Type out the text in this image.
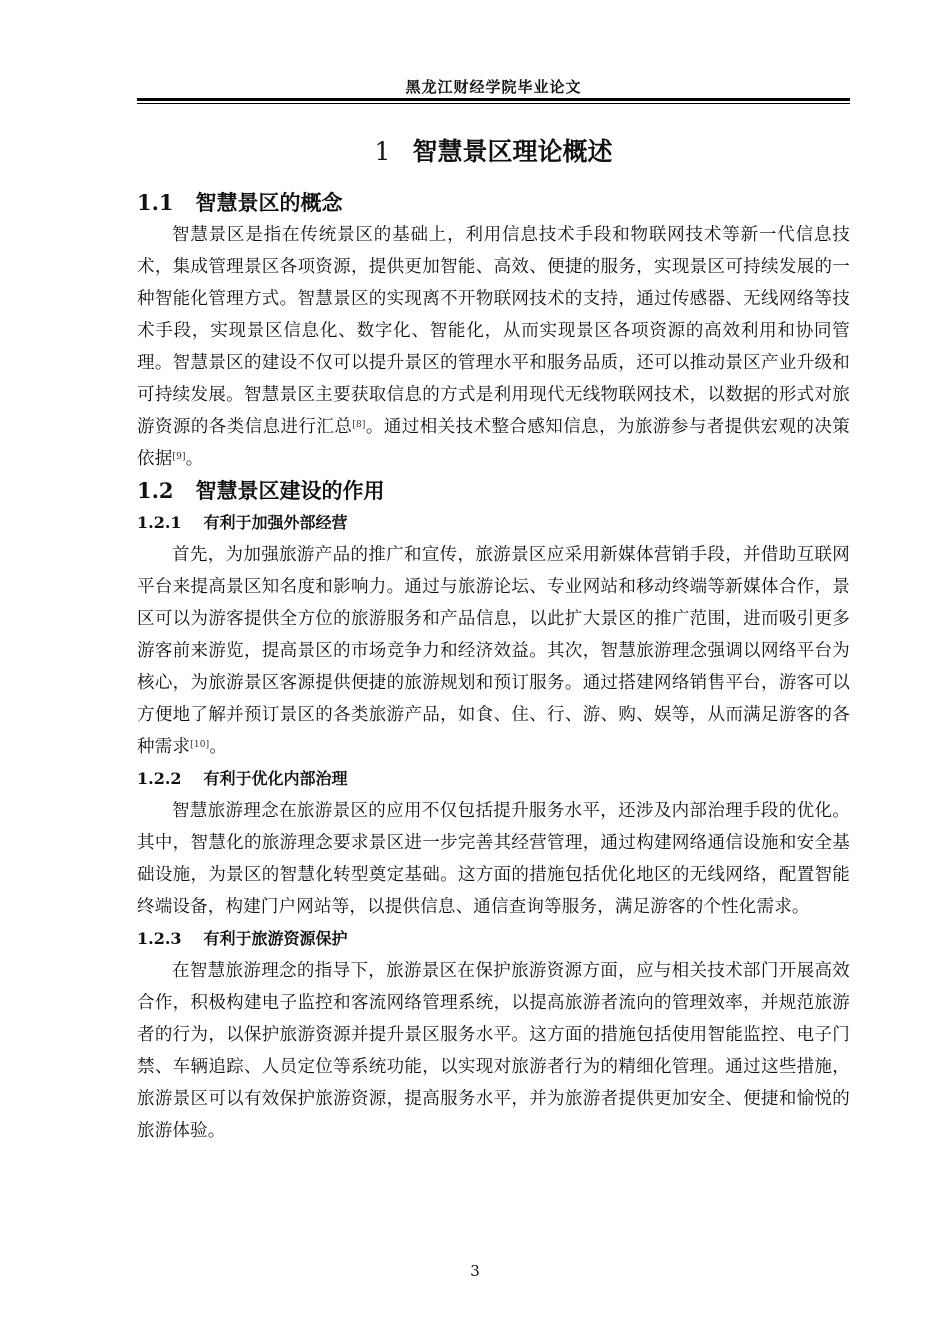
黑龙江财经学院毕业论文
1 智慧景区理论概述
1.1 智慧景区的概念

智慧景区是指在传统景区的基础上，利用信息技术手段和物联网技术等新一代信息技术，集成管理景区各项资源，提供更加智能、高效、便捷的服务，实现景区可持续发展的一种智能化管理方式。智慧景区的实现离不开物联网技术的支持，通过传感器、无线网络等技术手段，实现景区信息化、数字化、智能化，从而实现景区各项资源的高效利用和协同管理。智慧景区的建设不仅可以提升景区的管理水平和服务品质，还可以推动景区产业升级和可持续发展。智慧景区主要获取信息的方式是利用现代无线物联网技术，以数据的形式对旅游资源的各类信息进行汇总[8]。通过相关技术整合感知信息，为旅游参与者提供宏观的决策依据[9]。

1.2 智慧景区建设的作用
1.2.1 有利于加强外部经营

首先，为加强旅游产品的推广和宣传，旅游景区应采用新媒体营销手段，并借助互联网平台来提高景区知名度和影响力。通过与旅游论坛、专业网站和移动终端等新媒体合作，景区可以为游客提供全方位的旅游服务和产品信息，以此扩大景区的推广范围，进而吸引更多游客前来游览，提高景区的市场竞争力和经济效益。其次，智慧旅游理念强调以网络平台为核心，为旅游景区客源提供便捷的旅游规划和预订服务。通过搭建网络销售平台，游客可以方便地了解并预订景区的各类旅游产品，如食、住、行、游、购、娱等，从而满足游客的各种需求[10]。

1.2.2 有利于优化内部治理

智慧旅游理念在旅游景区的应用不仅包括提升服务水平，还涉及内部治理手段的优化。其中，智慧化的旅游理念要求景区进一步完善其经营管理，通过构建网络通信设施和安全基础设施，为景区的智慧化转型奠定基础。这方面的措施包括优化地区的无线网络，配置智能终端设备，构建门户网站等，以提供信息、通信查询等服务，满足游客的个性化需求。

1.2.3 有利于旅游资源保护

在智慧旅游理念的指导下，旅游景区在保护旅游资源方面，应与相关技术部门开展高效合作，积极构建电子监控和客流网络管理系统，以提高旅游者流向的管理效率，并规范旅游者的行为，以保护旅游资源并提升景区服务水平。这方面的措施包括使用智能监控、电子门禁、车辆追踪、人员定位等系统功能，以实现对旅游者行为的精细化管理。通过这些措施，旅游景区可以有效保护旅游资源，提高服务水平，并为旅游者提供更加安全、便捷和愉悦的旅游体验。

3
